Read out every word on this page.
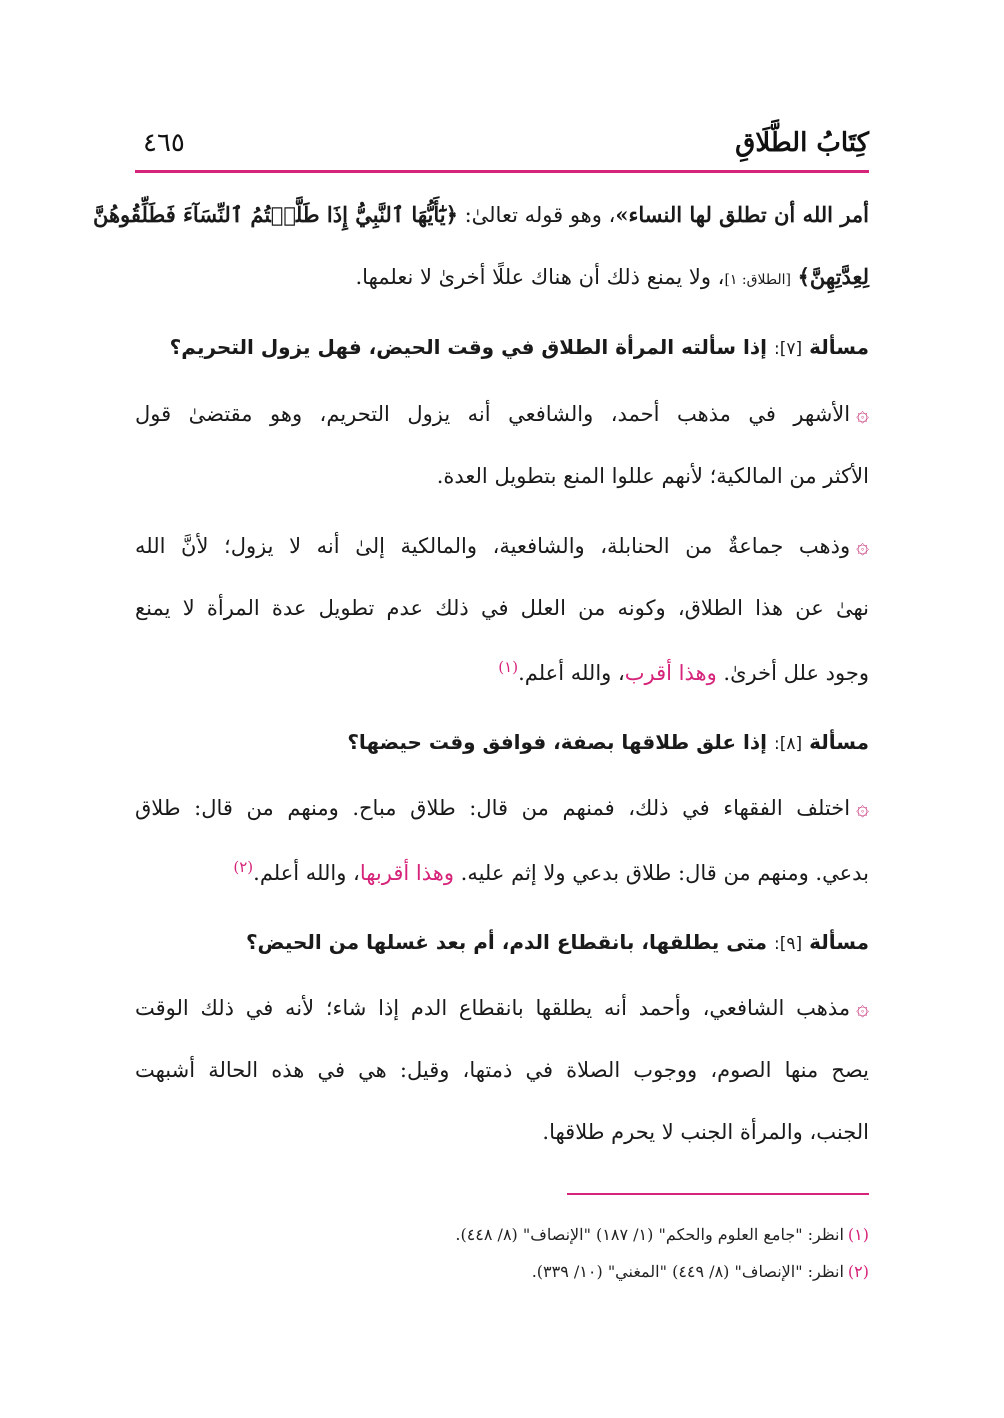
كِتَابُ الطَّلَاقِ
٤٦٥
أمر الله أن تطلق لها النساء»، وهو قوله تعالىٰ: ﴿يَٰٓأَيُّهَا ٱلنَّبِيُّ إِذَا طَلَّقۡتُمُ ٱلنِّسَآءَ فَطَلِّقُوهُنَّ
لِعِدَّتِهِنَّ﴾ [الطلاق: ١]، ولا يمنع ذلك أن هناك عللًا أخرىٰ لا نعلمها.
مسألة [٧]: إذا سألته المرأة الطلاق في وقت الحيض، فهل يزول التحريم؟
۞الأشهر في مذهب أحمد، والشافعي أنه يزول التحريم، وهو مقتضىٰ قول
الأكثر من المالكية؛ لأنهم عللوا المنع بتطويل العدة.
۞وذهب جماعةٌ من الحنابلة، والشافعية، والمالكية إلىٰ أنه لا يزول؛ لأنَّ الله
نهىٰ عن هذا الطلاق، وكونه من العلل في ذلك عدم تطويل عدة المرأة لا يمنع
وجود علل أخرىٰ. وهذا أقرب، والله أعلم.$^{(١)}$
مسألة [٨]: إذا علق طلاقها بصفة، فوافق وقت حيضها؟
۞اختلف الفقهاء في ذلك، فمنهم من قال: طلاق مباح. ومنهم من قال: طلاق
بدعي. ومنهم من قال: طلاق بدعي ولا إثم عليه. وهذا أقربها، والله أعلم.$^{(٢)}$
مسألة [٩]: متى يطلقها، بانقطاع الدم، أم بعد غسلها من الحيض؟
۞مذهب الشافعي، وأحمد أنه يطلقها بانقطاع الدم إذا شاء؛ لأنه في ذلك الوقت
يصح منها الصوم، ووجوب الصلاة في ذمتها، وقيل: هي في هذه الحالة أشبهت
الجنب، والمرأة الجنب لا يحرم طلاقها.
(١)انظر: "جامع العلوم والحكم" (١/ ١٨٧) "الإنصاف" (٨/ ٤٤٨).
(٢)انظر: "الإنصاف" (٨/ ٤٤٩) "المغني" (١٠/ ٣٣٩).
